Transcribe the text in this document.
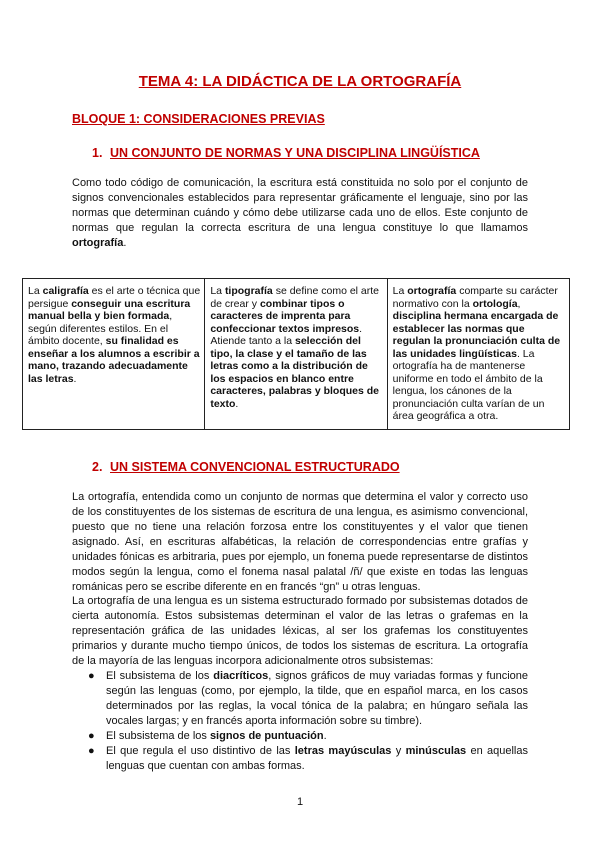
TEMA 4: LA DIDÁCTICA DE LA ORTOGRAFÍA
BLOQUE 1: CONSIDERACIONES PREVIAS
1. UN CONJUNTO DE NORMAS Y UNA DISCIPLINA LINGÜÍSTICA

Como todo código de comunicación, la escritura está constituida no solo por el conjunto de signos convencionales establecidos para representar gráficamente el lenguaje, sino por las normas que determinan cuándo y cómo debe utilizarse cada uno de ellos. Este conjunto de normas que regulan la correcta escritura de una lengua constituye lo que llamamos ortografía.

La caligrafía es el arte o técnica que persigue conseguir una escritura manual bella y bien formada, según diferentes estilos. En el ámbito docente, su finalidad es enseñar a los alumnos a escribir a mano, trazando adecuadamente las letras.	La tipografía se define como el arte de crear y combinar tipos o caracteres de imprenta para confeccionar textos impresos. Atiende tanto a la selección del tipo, la clase y el tamaño de las letras como a la distribución de los espacios en blanco entre caracteres, palabras y bloques de texto.	La ortografía comparte su carácter normativo con la ortología, disciplina hermana encargada de establecer las normas que regulan la pronunciación culta de las unidades lingüísticas. La ortografía ha de mantenerse uniforme en todo el ámbito de la lengua, los cánones de la pronunciación culta varían de un área geográfica a otra.
2. UN SISTEMA CONVENCIONAL ESTRUCTURADO

La ortografía, entendida como un conjunto de normas que determina el valor y correcto uso de los constituyentes de los sistemas de escritura de una lengua, es asimismo convencional, puesto que no tiene una relación forzosa entre los constituyentes y el valor que tienen asignado. Así, en escrituras alfabéticas, la relación de correspondencias entre grafías y unidades fónicas es arbitraria, pues por ejemplo, un fonema puede representarse de distintos modos según la lengua, como el fonema nasal palatal /ñ/ que existe en todas las lenguas románicas pero se escribe diferente en en francés “gn” u otras lenguas.

La ortografía de una lengua es un sistema estructurado formado por subsistemas dotados de cierta autonomía. Estos subsistemas determinan el valor de las letras o grafemas en la representación gráfica de las unidades léxicas, al ser los grafemas los constituyentes primarios y durante mucho tiempo únicos, de todos los sistemas de escritura. La ortografía de la mayoría de las lenguas incorpora adicionalmente otros subsistemas:

● El subsistema de los diacríticos, signos gráficos de muy variadas formas y funcione según las lenguas (como, por ejemplo, la tilde, que en español marca, en los casos determinados por las reglas, la vocal tónica de la palabra; en húngaro señala las vocales largas; y en francés aporta información sobre su timbre).
● El subsistema de los signos de puntuación.
● El que regula el uso distintivo de las letras mayúsculas y minúsculas en aquellas lenguas que cuentan con ambas formas.
1
